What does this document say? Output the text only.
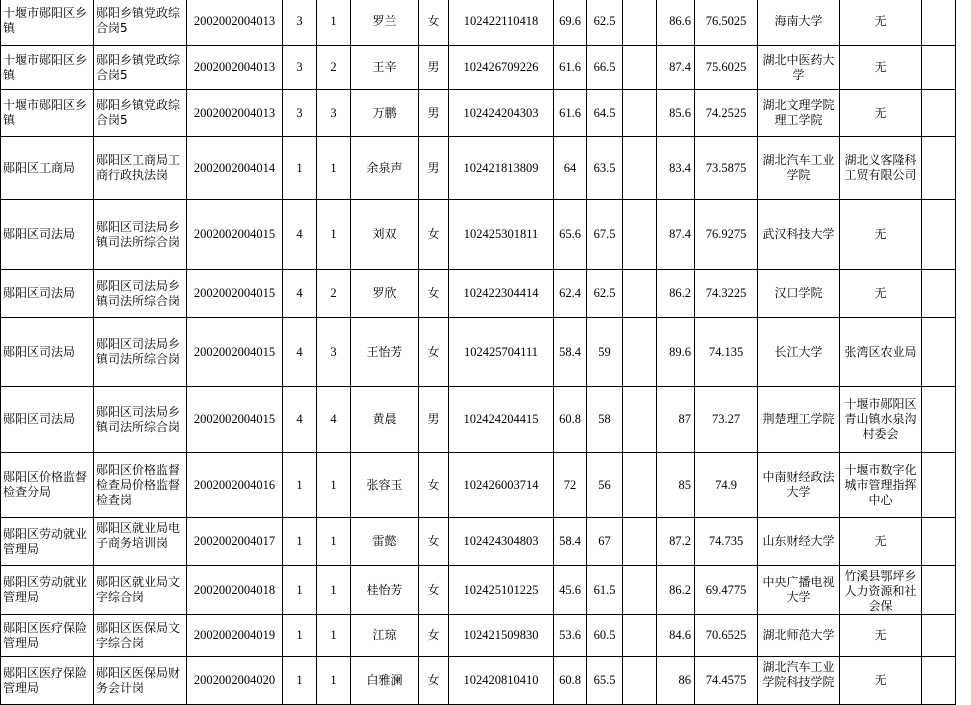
十堰市郧阳区乡镇	郧阳乡镇党政综合岗5	2002002004013	3	1	罗兰	女	102422110418	69.6	62.5		86.6	76.5025	海南大学	无	
十堰市郧阳区乡镇	郧阳乡镇党政综合岗5	2002002004013	3	2	王辛	男	102426709226	61.6	66.5		87.4	75.6025	湖北中医药大学	无	
十堰市郧阳区乡镇	郧阳乡镇党政综合岗5	2002002004013	3	3	万鹏	男	102424204303	61.6	64.5		85.6	74.2525	湖北文理学院理工学院	无	
郧阳区工商局	郧阳区工商局工商行政执法岗	2002002004014	1	1	余泉声	男	102421813809	64	63.5		83.4	73.5875	湖北汽车工业学院	湖北义客隆科工贸有限公司	
郧阳区司法局	郧阳区司法局乡镇司法所综合岗	2002002004015	4	1	刘双	女	102425301811	65.6	67.5		87.4	76.9275	武汉科技大学	无	
郧阳区司法局	郧阳区司法局乡镇司法所综合岗	2002002004015	4	2	罗欣	女	102422304414	62.4	62.5		86.2	74.3225	汉口学院	无	
郧阳区司法局	郧阳区司法局乡镇司法所综合岗	2002002004015	4	3	王怡芳	女	102425704111	58.4	59		89.6	74.135	长江大学	张湾区农业局	
郧阳区司法局	郧阳区司法局乡镇司法所综合岗	2002002004015	4	4	黄晨	男	102424204415	60.8	58		87	73.27	荆楚理工学院	十堰市郧阳区青山镇水泉沟村委会	
郧阳区价格监督检查分局	郧阳区价格监督检查局价格监督检查岗	2002002004016	1	1	张容玉	女	102426003714	72	56		85	74.9	中南财经政法大学	十堰市数字化城市管理指挥中心	
郧阳区劳动就业管理局	郧阳区就业局电子商务培训岗	2002002004017	1	1	雷懿	女	102424304803	58.4	67		87.2	74.735	山东财经大学	无	
郧阳区劳动就业管理局	郧阳区就业局文字综合岗	2002002004018	1	1	桂怡芳	女	102425101225	45.6	61.5		86.2	69.4775	中央广播电视大学	竹溪县鄂坪乡人力资源和社会保	
郧阳区医疗保险管理局	郧阳区医保局文字综合岗	2002002004019	1	1	江琼	女	102421509830	53.6	60.5		84.6	70.6525	湖北师范大学	无	
郧阳区医疗保险管理局	郧阳区医保局财务会计岗	2002002004020	1	1	白雅澜	女	102420810410	60.8	65.5		86	74.4575	湖北汽车工业学院科技学院	无	
